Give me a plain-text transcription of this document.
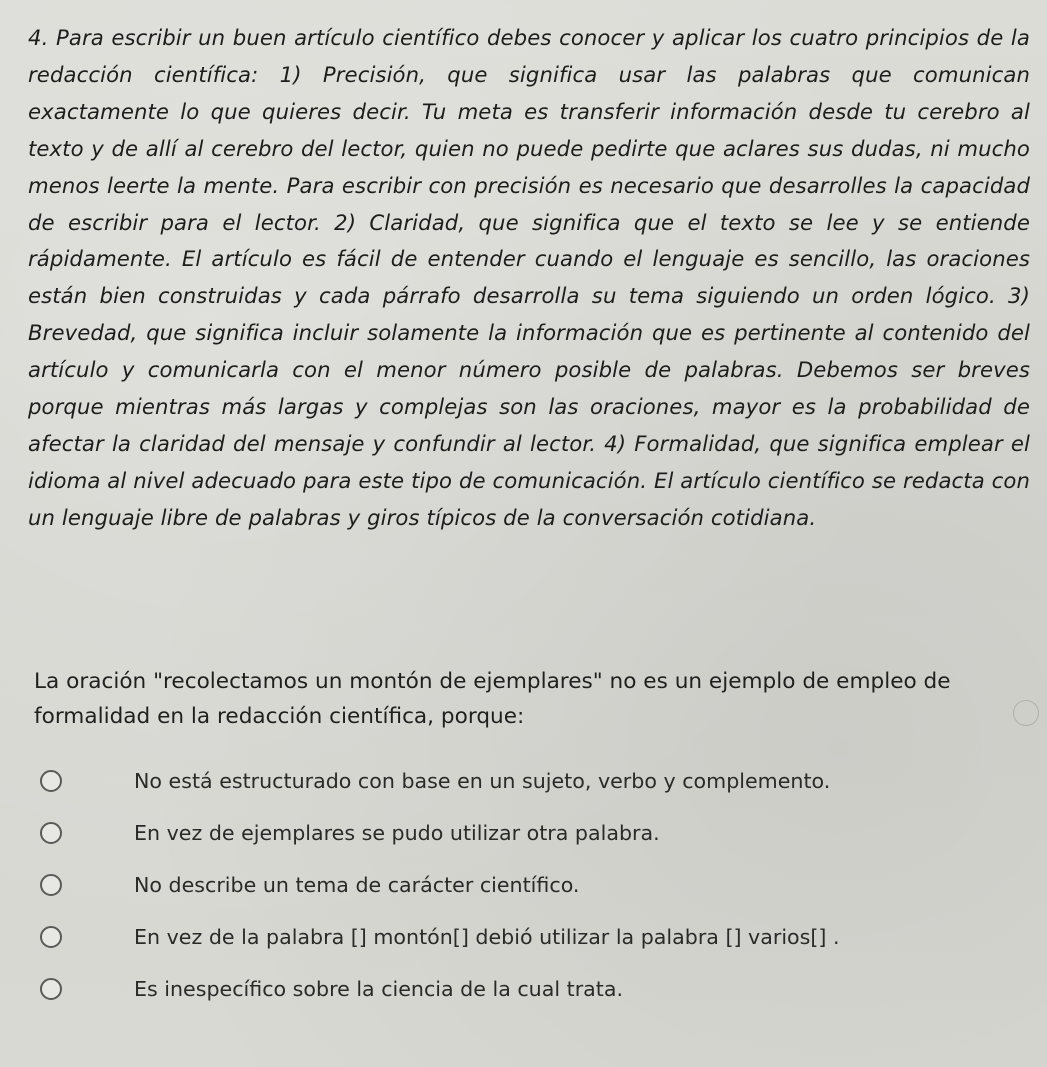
4. Para escribir un buen artículo científico debes conocer y aplicar los cuatro principios de la redacción científica: 1) Precisión, que significa usar las palabras que comunican exactamente lo que quieres decir. Tu meta es transferir información desde tu cerebro al texto y de allí al cerebro del lector, quien no puede pedirte que aclares sus dudas, ni mucho menos leerte la mente. Para escribir con precisión es necesario que desarrolles la capacidad de escribir para el lector. 2) Claridad, que significa que el texto se lee y se entiende rápidamente. El artículo es fácil de entender cuando el lenguaje es sencillo, las oraciones están bien construidas y cada párrafo desarrolla su tema siguiendo un orden lógico. 3) Brevedad, que significa incluir solamente la información que es pertinente al contenido del artículo y comunicarla con el menor número posible de palabras. Debemos ser breves porque mientras más largas y complejas son las oraciones, mayor es la probabilidad de afectar la claridad del mensaje y confundir al lector. 4) Formalidad, que significa emplear el idioma al nivel adecuado para este tipo de comunicación. El artículo científico se redacta con un lenguaje libre de palabras y giros típicos de la conversación cotidiana.
La oración "recolectamos un montón de ejemplares" no es un ejemplo de empleo de formalidad en la redacción científica, porque:
No está estructurado con base en un sujeto, verbo y complemento.
En vez de ejemplares se pudo utilizar otra palabra.
No describe un tema de carácter científico.
En vez de la palabra [] montón[] debió utilizar la palabra [] varios[] .
Es inespecífico sobre la ciencia de la cual trata.
